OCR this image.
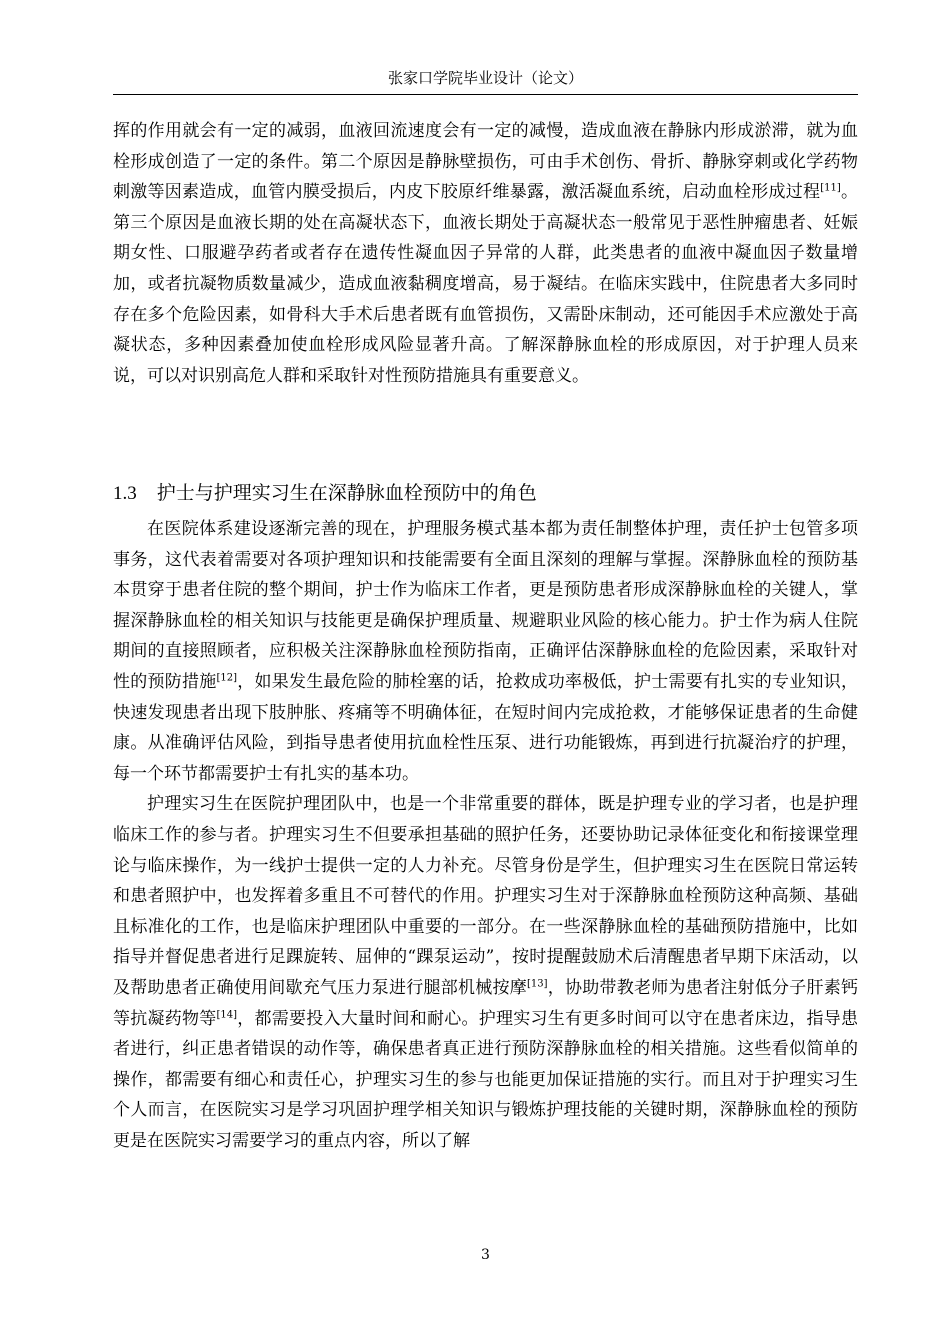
张家口学院毕业设计（论文）

挥的作用就会有一定的减弱，血液回流速度会有一定的减慢，造成血液在静脉内形成淤滞，就为血栓形成创造了一定的条件。第二个原因是静脉壁损伤，可由手术创伤、骨折、静脉穿刺或化学药物刺激等因素造成，血管内膜受损后，内皮下胶原纤维暴露，激活凝血系统，启动血栓形成过程[11]。第三个原因是血液长期的处在高凝状态下，血液长期处于高凝状态一般常见于恶性肿瘤患者、妊娠期女性、口服避孕药者或者存在遗传性凝血因子异常的人群，此类患者的血液中凝血因子数量增加，或者抗凝物质数量减少，造成血液黏稠度增高，易于凝结。在临床实践中，住院患者大多同时存在多个危险因素，如骨科大手术后患者既有血管损伤，又需卧床制动，还可能因手术应激处于高凝状态，多种因素叠加使血栓形成风险显著升高。了解深静脉血栓的形成原因，对于护理人员来说，可以对识别高危人群和采取针对性预防措施具有重要意义。

1.3 护士与护理实习生在深静脉血栓预防中的角色

在医院体系建设逐渐完善的现在，护理服务模式基本都为责任制整体护理，责任护士包管多项事务，这代表着需要对各项护理知识和技能需要有全面且深刻的理解与掌握。深静脉血栓的预防基本贯穿于患者住院的整个期间，护士作为临床工作者，更是预防患者形成深静脉血栓的关键人，掌握深静脉血栓的相关知识与技能更是确保护理质量、规避职业风险的核心能力。护士作为病人住院期间的直接照顾者，应积极关注深静脉血栓预防指南，正确评估深静脉血栓的危险因素，采取针对性的预防措施[12]，如果发生最危险的肺栓塞的话，抢救成功率极低，护士需要有扎实的专业知识，快速发现患者出现下肢肿胀、疼痛等不明确体征，在短时间内完成抢救，才能够保证患者的生命健康。从准确评估风险，到指导患者使用抗血栓性压泵、进行功能锻炼，再到进行抗凝治疗的护理，每一个环节都需要护士有扎实的基本功。

护理实习生在医院护理团队中，也是一个非常重要的群体，既是护理专业的学习者，也是护理临床工作的参与者。护理实习生不但要承担基础的照护任务，还要协助记录体征变化和衔接课堂理论与临床操作，为一线护士提供一定的人力补充。尽管身份是学生，但护理实习生在医院日常运转和患者照护中，也发挥着多重且不可替代的作用。护理实习生对于深静脉血栓预防这种高频、基础且标准化的工作，也是临床护理团队中重要的一部分。在一些深静脉血栓的基础预防措施中，比如指导并督促患者进行足踝旋转、屈伸的“踝泵运动”，按时提醒鼓励术后清醒患者早期下床活动，以及帮助患者正确使用间歇充气压力泵进行腿部机械按摩[13]，协助带教老师为患者注射低分子肝素钙等抗凝药物等[14]，都需要投入大量时间和耐心。护理实习生有更多时间可以守在患者床边，指导患者进行，纠正患者错误的动作等，确保患者真正进行预防深静脉血栓的相关措施。这些看似简单的操作，都需要有细心和责任心，护理实习生的参与也能更加保证措施的实行。而且对于护理实习生个人而言，在医院实习是学习巩固护理学相关知识与锻炼护理技能的关键时期，深静脉血栓的预防更是在医院实习需要学习的重点内容，所以了解

3
